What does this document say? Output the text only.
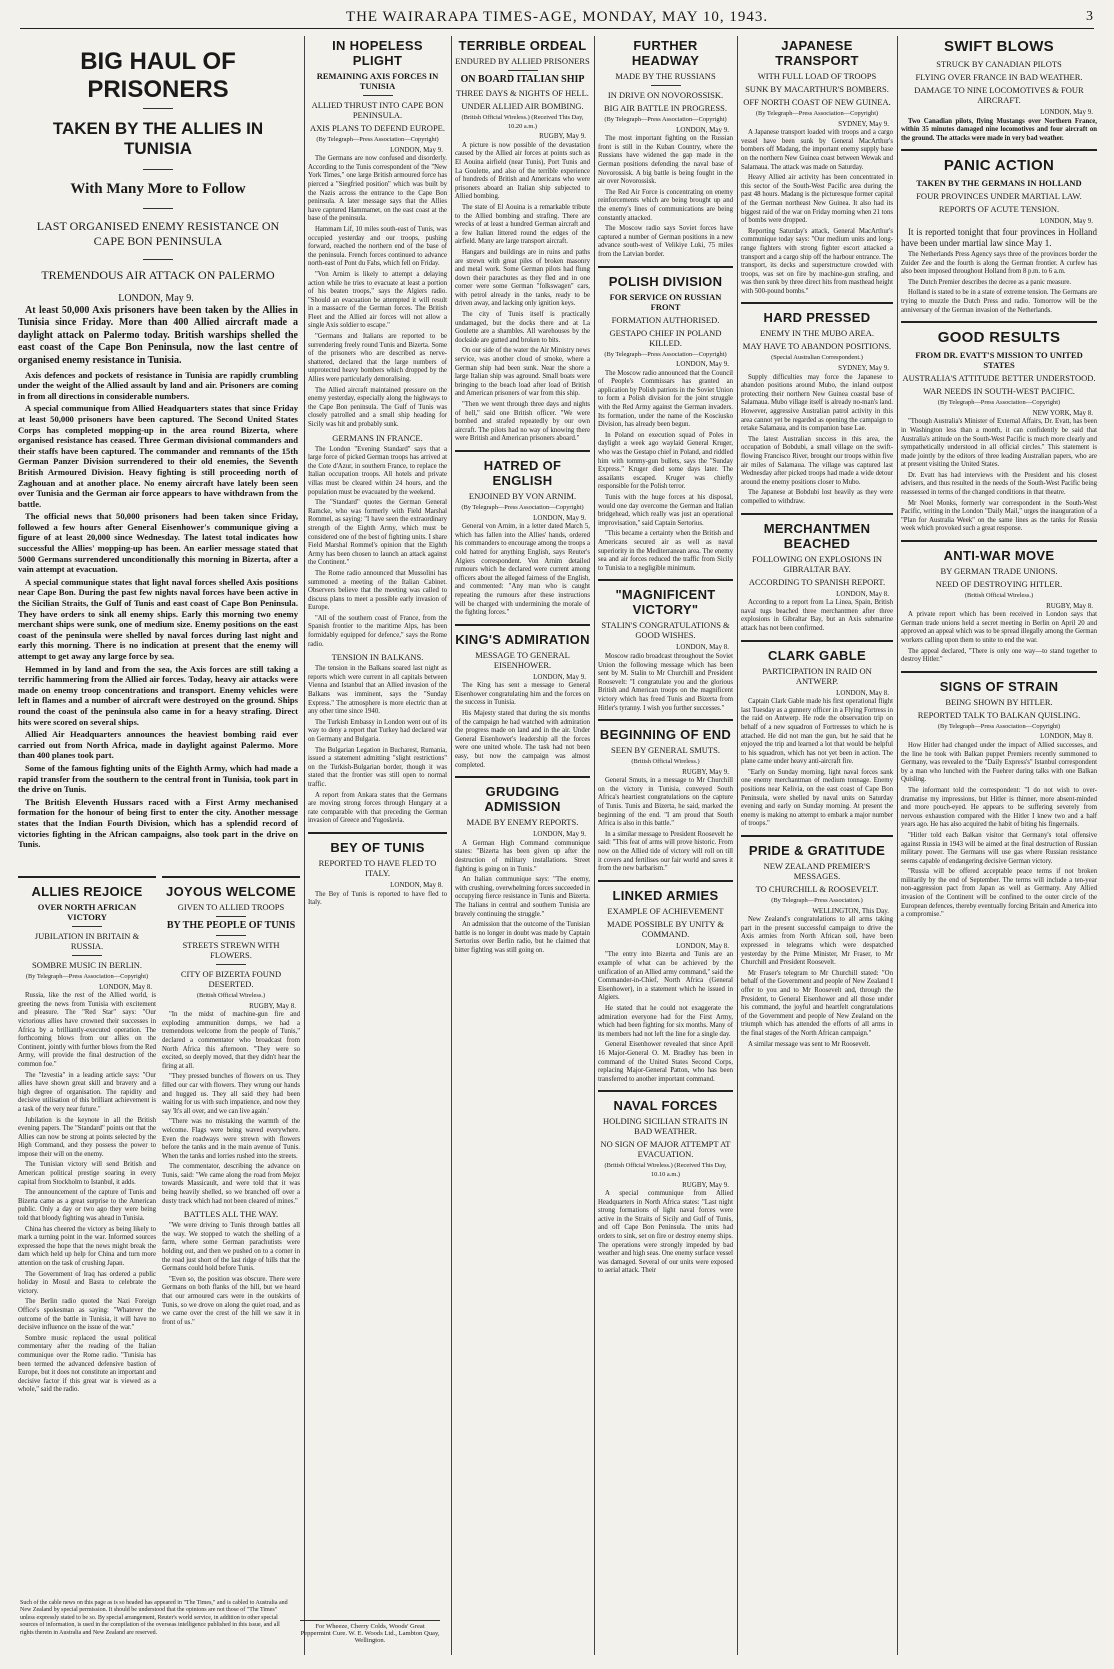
THE WAIRARAPA TIMES-AGE, MONDAY, MAY 10, 1943.	3
BIG HAUL OF PRISONERS
TAKEN BY THE ALLIES IN TUNISIA
With Many More to Follow
LAST ORGANISED ENEMY RESISTANCE ON CAPE BON PENINSULA
TREMENDOUS AIR ATTACK ON PALERMO
LONDON, May 9.

At least 50,000 Axis prisoners have been taken by the Allies in Tunisia since Friday. More than 400 Allied aircraft made a daylight attack on Palermo today. British warships shelled the east coast of the Cape Bon Peninsula, now the last centre of organised enemy resistance in Tunisia.

Axis defences and pockets of resistance in Tunisia are rapidly crumbling under the weight of the Allied assault by land and air. Prisoners are coming in from all directions in considerable numbers.

A special communique from Allied Headquarters states that since Friday at least 50,000 prisoners have been captured. The Second United States Corps has completed mopping-up in the area round Bizerta, where organised resistance has ceased. Three German divisional commanders and their staffs have been captured. The commander and remnants of the 15th German Panzer Division surrendered to their old enemies, the Seventh British Armoured Division. Heavy fighting is still proceeding north of Zaghouan and at another place. No enemy aircraft have lately been seen over Tunisia and the German air force appears to have withdrawn from the battle.

The official news that 50,000 prisoners had been taken since Friday, followed a few hours after General Eisenhower's communique giving a figure of at least 20,000 since Wednesday. The latest total indicates how successful the Allies' mopping-up has been. An earlier message stated that 5000 Germans surrendered unconditionally this morning in Bizerta, after a vain attempt at evacuation.

A special communique states that light naval forces shelled Axis positions near Cape Bon. During the past few nights naval forces have been active in the Sicilian Straits, the Gulf of Tunis and east coast of Cape Bon Peninsula. They have orders to sink all enemy ships. Early this morning two enemy merchant ships were sunk, one of medium size. Enemy positions on the east coast of the peninsula were shelled by naval forces during last night and early this morning. There is no indication at present that the enemy will attempt to get away any large force by sea.

Hemmed in by land and from the sea, the Axis forces are still taking a terrific hammering from the Allied air forces. Today, heavy air attacks were made on enemy troop concentrations and transport. Enemy vehicles were left in flames and a number of aircraft were destroyed on the ground. Ships round the coast of the peninsula also came in for a heavy strafing. Direct hits were scored on several ships.

Allied Air Headquarters announces the heaviest bombing raid ever carried out from North Africa, made in daylight against Palermo. More than 400 planes took part.

Some of the famous fighting units of the Eighth Army, which had made a rapid transfer from the southern to the central front in Tunisia, took part in the drive on Tunis.

The British Eleventh Hussars raced with a First Army mechanised formation for the honour of being first to enter the city. Another message states that the Indian Fourth Division, which has a splendid record of victories fighting in the African campaigns, also took part in the drive on Tunis.

ALLIES REJOICE
OVER NORTH AFRICAN VICTORY
JUBILATION IN BRITAIN & RUSSIA.
SOMBRE MUSIC IN BERLIN.
(By Telegraph—Press Association—Copyright)
LONDON, May 8.

Russia, like the rest of the Allied world, is greeting the news from Tunisia with excitement and pleasure. The "Red Star" says: "Our victorious allies have crowned their successes in Africa by a brilliantly-executed operation. The forthcoming blows from our allies on the Continent, jointly with further blows from the Red Army, will provide the final destruction of the common foe."

The "Izvestia" in a leading article says: "Our allies have shown great skill and bravery and a high degree of organisation. The rapidity and decisive utilisation of this brilliant achievement is a task of the very near future."

Jubilation is the keynote in all the British evening papers. The "Standard" points out that the Allies can now be strong at points selected by the High Command, and they possess the power to impose their will on the enemy.

The Tunisian victory will send British and American political prestige soaring in every capital from Stockholm to Istanbul, it adds.

The announcement of the capture of Tunis and Bizerta came as a great surprise to the American public. Only a day or two ago they were being told that bloody fighting was ahead in Tunisia.

China has cheered the victory as being likely to mark a turning point in the war. Informed sources expressed the hope that the news might break the dam which held up help for China and turn more attention on the task of crushing Japan.

The Government of Iraq has ordered a public holiday in Mosul and Basra to celebrate the victory.

The Berlin radio quoted the Nazi Foreign Office's spokesman as saying: "Whatever the outcome of the battle in Tunisia, it will have no decisive influence on the issue of the war."

Sombre music replaced the usual political commentary after the reading of the Italian communique over the Rome radio. "Tunisia has been termed the advanced defensive bastion of Europe, but it does not constitute an important and decisive factor if this great war is viewed as a whole," said the radio.

JOYOUS WELCOME
GIVEN TO ALLIED TROOPS
BY THE PEOPLE OF TUNIS
STREETS STREWN WITH FLOWERS.
CITY OF BIZERTA FOUND DESERTED.
(British Official Wireless.)
RUGBY, May 8.

"In the midst of machine-gun fire and exploding ammunition dumps, we had a tremendous welcome from the people of Tunis," declared a commentator who broadcast from North Africa this afternoon. "They were so excited, so deeply moved, that they didn't hear the firing at all.

"They pressed bunches of flowers on us. They filled our car with flowers. They wrung our hands and hugged us. They all said they had been waiting for us with such impatience, and now they say 'It's all over, and we can live again.'

"There was no mistaking the warmth of the welcome. Flags were being waved everywhere. Even the roadways were strewn with flowers before the tanks and in the main avenue of Tunis. When the tanks and lorries rushed into the streets.

The commentator, describing the advance on Tunis, said: "We came along the road from Mejez towards Massicault, and were told that it was being heavily shelled, so we branched off over a dusty track which had not been cleared of mines."

BATTLES ALL THE WAY.

"We were driving to Tunis through battles all the way. We stopped to watch the shelling of a farm, where some German parachutists were holding out, and then we pushed on to a corner in the road just short of the last ridge of hills that the Germans could hold before Tunis.

"Even so, the position was obscure. There were Germans on both flanks of the hill, but we heard that our armoured cars were in the outskirts of Tunis, so we drove on along the quiet road, and as we came over the crest of the hill we saw it in front of us."

IN HOPELESS PLIGHT
REMAINING AXIS FORCES IN TUNISIA
ALLIED THRUST INTO CAPE BON PENINSULA.
AXIS PLANS TO DEFEND EUROPE.
(By Telegraph—Press Association—Copyright)
LONDON, May 9.

The Germans are now confused and disorderly. According to the Tunis correspondent of the "New York Times," one large British armoured force has pierced a "Siegfried position" which was built by the Nazis across the entrance to the Cape Bon peninsula. A later message says that the Allies have captured Hammamet, on the east coast at the base of the peninsula.

Hammam Lif, 10 miles south-east of Tunis, was occupied yesterday and our troops, pushing forward, reached the northern end of the base of the peninsula. French forces continued to advance north-east of Pont du Fahs, which fell on Friday.

"Von Arnim is likely to attempt a delaying action while he tries to evacuate at least a portion of his beaten troops," says the Algiers radio. "Should an evacuation be attempted it will result in a massacre of the German forces. The British Fleet and the Allied air forces will not allow a single Axis soldier to escape."

"Germans and Italians are reported to be surrendering freely round Tunis and Bizerta. Some of the prisoners who are described as nerve-shattered, declared that the large numbers of unprotected heavy bombers which dropped by the Allies were particularly demoralising.

The Allied aircraft maintained pressure on the enemy yesterday, especially along the highways to the Cape Bon peninsula. The Gulf of Tunis was closely patrolled and a small ship heading for Sicily was hit and probably sunk.

GERMANS IN FRANCE.

The London "Evening Standard" says that a large force of picked German troops has arrived at the Cote d'Azur, in southern France, to replace the Italian occupation troops. All hotels and private villas must be cleared within 24 hours, and the population must be evacuated by the weekend.

The "Standard" quotes the German General Ramcke, who was formerly with Field Marshal Rommel, as saying: "I have seen the extraordinary strength of the Eighth Army, which must be considered one of the best of fighting units. I share Field Marshal Rommel's opinion that the Eighth Army has been chosen to launch an attack against the Continent."

The Rome radio announced that Mussolini has summoned a meeting of the Italian Cabinet. Observers believe that the meeting was called to discuss plans to meet a possible early invasion of Europe.

"All of the southern coast of France, from the Spanish frontier to the maritime Alps, has been formidably equipped for defence," says the Rome radio.

TENSION IN BALKANS.

The tension in the Balkans soared last night as reports which were current in all capitals between Vienna and Istanbul that an Allied invasion of the Balkans was imminent, says the "Sunday Express." The atmosphere is more electric than at any other time since 1940.

The Turkish Embassy in London went out of its way to deny a report that Turkey had declared war on Germany and Bulgaria.

The Bulgarian Legation in Bucharest, Rumania, issued a statement admitting "slight restrictions" on the Turkish-Bulgarian border, though it was stated that the frontier was still open to normal traffic.

A report from Ankara states that the Germans are moving strong forces through Hungary at a rate comparable with that preceding the German invasion of Greece and Yugoslavia.

BEY OF TUNIS
REPORTED TO HAVE FLED TO ITALY.
LONDON, May 8.

The Bey of Tunis is reported to have fled to Italy.

TERRIBLE ORDEAL
ENDURED BY ALLIED PRISONERS
ON BOARD ITALIAN SHIP
THREE DAYS & NIGHTS OF HELL.
UNDER ALLIED AIR BOMBING.
(British Official Wireless.) (Received This Day, 10.20 a.m.)
RUGBY, May 9.

A picture is now possible of the devastation caused by the Allied air forces at points such as El Aouina airfield (near Tunis), Port Tunis and La Goulette, and also of the terrible experience of hundreds of British and Americans who were prisoners aboard an Italian ship subjected to Allied bombing.

The state of El Aouina is a remarkable tribute to the Allied bombing and strafing. There are wrecks of at least a hundred German aircraft and a few Italian littered round the edges of the airfield. Many are large transport aircraft.

Hangars and buildings are in ruins and paths are strewn with great piles of broken masonry and metal work. Some German pilots had flung down their parachutes as they fled and in one corner were some German "folkswagen" cars, with petrol already in the tanks, ready to be driven away, and lacking only ignition keys.

The city of Tunis itself is practically undamaged, but the docks there and at La Goulette are a shambles. All warehouses by the dockside are gutted and broken to bits.

On our side of the water the Air Ministry news service, was another cloud of smoke, where a German ship had been sunk. Near the shore a large Italian ship was aground. Small boats were bringing to the beach load after load of British and American prisoners of war from this ship.

"Then we went through three days and nights of hell," said one British officer. "We were bombed and strafed repeatedly by our own aircraft. The pilots had no way of knowing there were British and American prisoners aboard."

HATRED OF ENGLISH
ENJOINED BY VON ARNIM.
(By Telegraph—Press Association—Copyright)
LONDON, May 9.

General von Arnim, in a letter dated March 5, which has fallen into the Allies' hands, ordered his commanders to encourage among the troops a cold hatred for anything English, says Reuter's Algiers correspondent. Von Arnim detailed rumours which he declared were current among officers about the alleged fairness of the English, and commented: "Any man who is caught repeating the rumours after these instructions will be charged with undermining the morale of the fighting forces."

KING'S ADMIRATION
MESSAGE TO GENERAL EISENHOWER.
LONDON, May 9.

The King has sent a message to General Eisenhower congratulating him and the forces on the success in Tunisia.

His Majesty stated that during the six months of the campaign he had watched with admiration the progress made on land and in the air. Under General Eisenhower's leadership all the forces were one united whole. The task had not been easy, but now the campaign was almost completed.

GRUDGING ADMISSION
MADE BY ENEMY REPORTS.
LONDON, May 9.

A German High Command communique states: "Bizerta has been given up after the destruction of military installations. Street fighting is going on in Tunis."

An Italian communique says: "The enemy, with crushing, overwhelming forces succeeded in occupying fierce resistance in Tunis and Bizerta. The Italians in central and southern Tunisia are bravely continuing the struggle."

An admission that the outcome of the Tunisian battle is no longer in doubt was made by Captain Sertorius over Berlin radio, but he claimed that bitter fighting was still going on.

FURTHER HEADWAY
MADE BY THE RUSSIANS
IN DRIVE ON NOVOROSSISK.
BIG AIR BATTLE IN PROGRESS.
(By Telegraph—Press Association—Copyright)
LONDON, May 9.

The most important fighting on the Russian front is still in the Kuban Country, where the Russians have widened the gap made in the German positions defending the naval base of Novorossisk. A big battle is being fought in the air over Novorossisk.

The Red Air Force is concentrating on enemy reinforcements which are being brought up and the enemy's lines of communications are being constantly attacked.

The Moscow radio says Soviet forces have captured a number of German positions in a new advance south-west of Velikiye Luki, 75 miles from the Latvian border.

POLISH DIVISION
FOR SERVICE ON RUSSIAN FRONT
FORMATION AUTHORISED.
GESTAPO CHIEF IN POLAND KILLED.
(By Telegraph—Press Association—Copyright)
LONDON, May 9.

The Moscow radio announced that the Council of People's Commissars has granted an application by Polish patriots in the Soviet Union to form a Polish division for the joint struggle with the Red Army against the German invaders. Its formation, under the name of the Kosciusko Division, has already been begun.

In Poland on execution squad of Poles in daylight a week ago waylaid General Kruger, who was the Gestapo chief in Poland, and riddled him with tommy-gun bullets, says the "Sunday Express." Kruger died some days later. The assailants escaped. Kruger was chiefly responsible for the Polish terror.

Tunis with the huge forces at his disposal, would one day overcome the German and Italian bridgehead, which really was just an operational improvisation," said Captain Sertorius.

"This became a certainty when the British and Americans secured air as well as naval superiority in the Mediterranean area. The enemy sea and air forces reduced the traffic from Sicily to Tunisia to a negligible minimum.

"MAGNIFICENT VICTORY"
STALIN'S CONGRATULATIONS & GOOD WISHES.
LONDON, May 8.

Moscow radio broadcast throughout the Soviet Union the following message which has been sent by M. Stalin to Mr Churchill and President Roosevelt: "I congratulate you and the glorious British and American troops on the magnificent victory which has freed Tunis and Bizerta from Hitler's tyranny. I wish you further successes."

BEGINNING OF END
SEEN BY GENERAL SMUTS.
(British Official Wireless.)
RUGBY, May 9.

General Smuts, in a message to Mr Churchill on the victory in Tunisia, conveyed South Africa's heartiest congratulations on the capture of Tunis. Tunis and Bizerta, he said, marked the beginning of the end. "I am proud that South Africa is also in this battle."

In a similar message to President Roosevelt he said: "This feat of arms will prove historic. From now on the Allied tide of victory will roll on till it covers and fertilises our fair world and saves it from the new barbarism."

LINKED ARMIES
EXAMPLE OF ACHIEVEMENT
MADE POSSIBLE BY UNITY & COMMAND.
LONDON, May 8.

"The entry into Bizerta and Tunis are an example of what can be achieved by the unification of an Allied army command," said the Commander-in-Chief, North Africa (General Eisenhower), in a statement which he issued in Algiers.

He stated that he could not exaggerate the admiration everyone had for the First Army, which had been fighting for six months. Many of its members had not left the line for a single day.

General Eisenhower revealed that since April 16 Major-General O. M. Bradley has been in command of the United States Second Corps, replacing Major-General Patton, who has been transferred to another important command.

NAVAL FORCES
HOLDING SICILIAN STRAITS IN BAD WEATHER.
NO SIGN OF MAJOR ATTEMPT AT EVACUATION.
(British Official Wireless.) (Received This Day, 10.10 a.m.)
RUGBY, May 9.

A special communique from Allied Headquarters in North Africa states: "Last night strong formations of light naval forces were active in the Straits of Sicily and Gulf of Tunis, and off Cape Bon Peninsula. The units had orders to sink, set on fire or destroy enemy ships. The operations were strongly impeded by bad weather and high seas. One enemy surface vessel was damaged. Several of our units were exposed to aerial attack. Their

JAPANESE TRANSPORT
WITH FULL LOAD OF TROOPS
SUNK BY MACARTHUR'S BOMBERS.
OFF NORTH COAST OF NEW GUINEA.
(By Telegraph—Press Association—Copyright)
SYDNEY, May 9.

A Japanese transport loaded with troops and a cargo vessel have been sunk by General MacArthur's bombers off Madang, the important enemy supply base on the northern New Guinea coast between Wewak and Salamaua. The attack was made on Saturday.

Heavy Allied air activity has been concentrated in this sector of the South-West Pacific area during the past 48 hours. Madang is the picturesque former capital of the German northeast New Guinea. It also had its biggest raid of the war on Friday morning when 21 tons of bombs were dropped.

Reporting Saturday's attack, General MacArthur's communique today says: "Our medium units and long-range fighters with strong fighter escort attacked a transport and a cargo ship off the harbour entrance. The transport, its decks and superstructure crowded with troops, was set on fire by machine-gun strafing, and was then sunk by three direct hits from masthead height with 500-pound bombs."

HARD PRESSED
ENEMY IN THE MUBO AREA.
MAY HAVE TO ABANDON POSITIONS.
(Special Australian Correspondent.)
SYDNEY, May 9.

Supply difficulties may force the Japanese to abandon positions around Mubo, the inland outpost protecting their northern New Guinea coastal base of Salamaua. Mubo village itself is already no-man's land. However, aggressive Australian patrol activity in this area cannot yet be regarded as opening the campaign to retake Salamaua, and its companion base Lae.

The latest Australian success in this area, the occupation of Bobdubi, a small village on the swift-flowing Francisco River, brought our troops within five air miles of Salamaua. The village was captured last Wednesday after picked troops had made a wide detour around the enemy positions closer to Mubo.

The Japanese at Bobdubi lost heavily as they were compelled to withdraw.

MERCHANTMEN BEACHED
FOLLOWING ON EXPLOSIONS IN GIBRALTAR BAY.
ACCORDING TO SPANISH REPORT.
LONDON, May 8.

According to a report from La Linea, Spain, British naval tugs beached three merchantmen after three explosions in Gibraltar Bay, but an Axis submarine attack has not been confirmed.

CLARK GABLE
PARTICIPATION IN RAID ON ANTWERP.
LONDON, May 8.

Captain Clark Gable made his first operational flight last Tuesday as a gunnery officer in a Flying Fortress in the raid on Antwerp. He rode the observation trip on behalf of a new squadron of Fortresses to which he is attached. He did not man the gun, but he said that he enjoyed the trip and learned a lot that would be helpful to his squadron, which has not yet been in action. The plane came under heavy anti-aircraft fire.

"Early on Sunday morning, light naval forces sank one enemy merchantman of medium tonnage. Enemy positions near Kelivia, on the east coast of Cape Bon Peninsula, were shelled by naval units on Saturday evening and early on Sunday morning. At present the enemy is making no attempt to embark a major number of troops."

PRIDE & GRATITUDE
NEW ZEALAND PREMIER'S MESSAGES.
TO CHURCHILL & ROOSEVELT.
(By Telegraph—Press Association.)
WELLINGTON, This Day.

New Zealand's congratulations to all arms taking part in the present successful campaign to drive the Axis armies from North African soil, have been expressed in telegrams which were despatched yesterday by the Prime Minister, Mr Fraser, to Mr Churchill and President Roosevelt.

Mr Fraser's telegram to Mr Churchill stated: "On behalf of the Government and people of New Zealand I offer to you and to Mr Roosevelt and, through the President, to General Eisenhower and all those under his command, the joyful and heartfelt congratulations of the Government and people of New Zealand on the triumph which has attended the efforts of all arms in the final stages of the North African campaign."

A similar message was sent to Mr Roosevelt.

SWIFT BLOWS
STRUCK BY CANADIAN PILOTS
FLYING OVER FRANCE IN BAD WEATHER.
DAMAGE TO NINE LOCOMOTIVES & FOUR AIRCRAFT.
LONDON, May 9.

Two Canadian pilots, flying Mustangs over Northern France, within 35 minutes damaged nine locomotives and four aircraft on the ground. The attacks were made in very bad weather.

PANIC ACTION
TAKEN BY THE GERMANS IN HOLLAND
FOUR PROVINCES UNDER MARTIAL LAW.
REPORTS OF ACUTE TENSION.
LONDON, May 9.

It is reported tonight that four provinces in Holland have been under martial law since May 1.

The Netherlands Press Agency says three of the provinces border the Zuider Zee and the fourth is along the German frontier. A curfew has also been imposed throughout Holland from 8 p.m. to 6 a.m.

The Dutch Premier describes the decree as a panic measure.

Holland is stated to be in a state of extreme tension. The Germans are trying to muzzle the Dutch Press and radio. Tomorrow will be the anniversary of the German invasion of the Netherlands.

GOOD RESULTS
FROM DR. EVATT'S MISSION TO UNITED STATES
AUSTRALIA'S ATTITUDE BETTER UNDERSTOOD.
WAR NEEDS IN SOUTH-WEST PACIFIC.
(By Telegraph—Press Association—Copyright)
NEW YORK, May 8.

"Though Australia's Minister of External Affairs, Dr. Evatt, has been in Washington less than a month, it can confidently be said that Australia's attitude on the South-West Pacific is much more clearly and sympathetically understood in all official circles." This statement is made jointly by the editors of three leading Australian papers, who are at present visiting the United States.

Dr. Evatt has had interviews with the President and his closest advisers, and thus resulted in the needs of the South-West Pacific being reassessed in terms of the changed conditions in that theatre.

Mr Noel Monks, formerly war correspondent in the South-West Pacific, writing in the London "Daily Mail," urges the inauguration of a "Plan for Australia Week" on the same lines as the tanks for Russia week which provoked such a great response.

ANTI-WAR MOVE
BY GERMAN TRADE UNIONS.
NEED OF DESTROYING HITLER.
(British Official Wireless.)
RUGBY, May 8.

A private report which has been received in London says that German trade unions held a secret meeting in Berlin on April 20 and approved an appeal which was to be spread illegally among the German workers calling upon them to unite to end the war.

The appeal declared, "There is only one way—to stand together to destroy Hitler."

SIGNS OF STRAIN
BEING SHOWN BY HITLER.
REPORTED TALK TO BALKAN QUISLING.
(By Telegraph—Press Association—Copyright)
LONDON, May 8.

How Hitler had changed under the impact of Allied successes, and the line he took with Balkan puppet Premiers recently summoned to Germany, was revealed to the "Daily Express's" Istanbul correspondent by a man who lunched with the Fuehrer during talks with one Balkan Quisling.

The informant told the correspondent: "I do not wish to over-dramatise my impressions, but Hitler is thinner, more absent-minded and more pouch-eyed. He appears to be suffering severely from nervous exhaustion compared with the Hitler I knew two and a half years ago. He has also acquired the habit of biting his fingernails.

"Hitler told each Balkan visitor that Germany's total offensive against Russia in 1943 will be aimed at the final destruction of Russian military power. The Germans will use gas where Russian resistance seems capable of endangering decisive German victory.

"Russia will be offered acceptable peace terms if not broken militarily by the end of September. The terms will include a ten-year non-aggression pact from Japan as well as Germany. Any Allied invasion of the Continent will be confined to the outer circle of the European defences, thereby eventually forcing Britain and America into a compromise."

Such of the cable news on this page as is so headed has appeared in "The Times," and is cabled to Australia and New Zealand by special permission. It should be understood that the opinions are not those of "The Times" unless expressly stated to be so. By special arrangement, Reuter's world service, in addition to other special sources of information, is used in the compilation of the overseas intelligence published in this issue, and all rights therein in Australia and New Zealand are reserved.
For Wheeze, Cherry Colds, Woods' Great Peppermint Cure. W. E. Woods Ltd., Lambton Quay, Wellington.
